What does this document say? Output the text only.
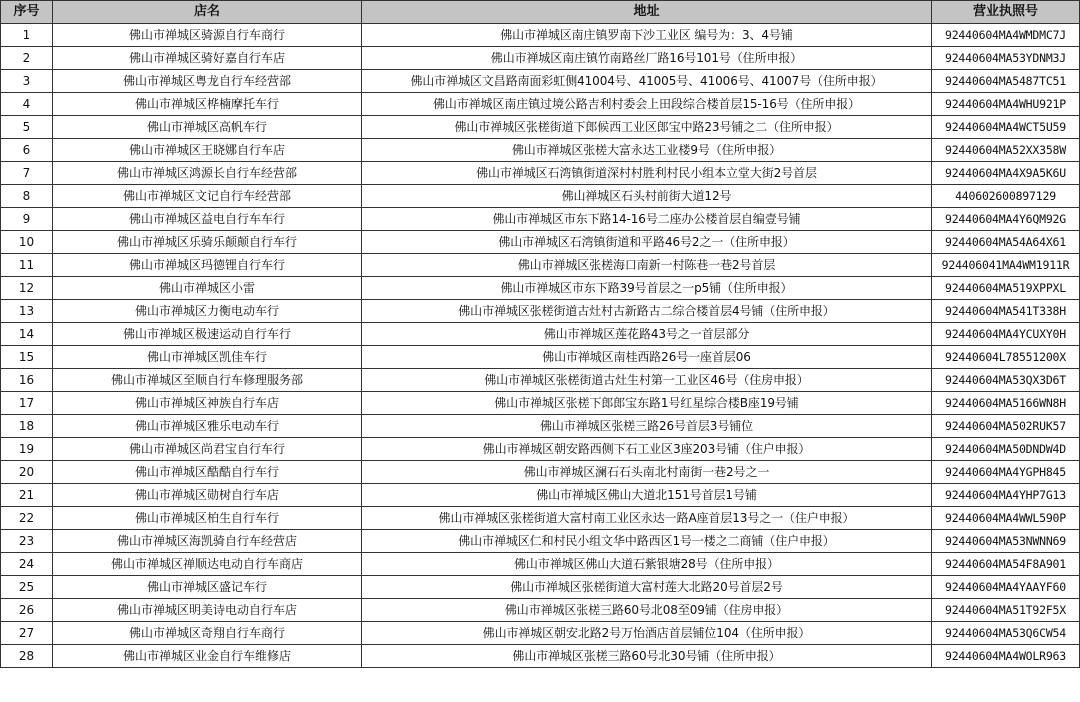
序号	店名	地址	营业执照号
1	佛山市禅城区骑源自行车商行	佛山市禅城区南庄镇罗南下沙工业区 编号为：3、4号铺	92440604MA4WMDMC7J
2	佛山市禅城区骑好嘉自行车店	佛山市禅城区南庄镇竹南路丝厂路16号101号（住所申报）	92440604MA53YDNM3J
3	佛山市禅城区粤龙自行车经营部	佛山市禅城区文昌路南面彩虹侧41004号、41005号、41006号、41007号（住所申报）	92440604MA5487TC51
4	佛山市禅城区桦楠摩托车行	佛山市禅城区南庄镇过境公路吉利村委会上田段综合楼首层15-16号（住所申报）	92440604MA4WHU921P
5	佛山市禅城区高帆车行	佛山市禅城区张槎街道下郎候西工业区郎宝中路23号铺之二（住所申报）	92440604MA4WCT5U59
6	佛山市禅城区王晓娜自行车店	佛山市禅城区张槎大富永达工业楼9号（住所申报）	92440604MA52XX358W
7	佛山市禅城区鸿源长自行车经营部	佛山市禅城区石湾镇街道深村村胜利村民小组本立堂大街2号首层	92440604MA4X9A5K6U
8	佛山市禅城区文记自行车经营部	佛山禅城区石头村前街大道12号	440602600897129
9	佛山市禅城区益电自行车车行	佛山市禅城区市东下路14-16号二座办公楼首层自编壹号铺	92440604MA4Y6QM92G
10	佛山市禅城区乐骑乐颠颠自行车行	佛山市禅城区石湾镇街道和平路46号2之一（住所申报）	92440604MA54A64X61
11	佛山市禅城区玛德锂自行车行	佛山市禅城区张槎海口南新一村陈巷一巷2号首层	924406041MA4WM1911R
12	佛山市禅城区小雷	佛山市禅城区市东下路39号首层之一p5铺（住所申报）	92440604MA519XPPXL
13	佛山市禅城区力衡电动车行	佛山市禅城区张槎街道古灶村古新路古二综合楼首层4号铺（住所申报）	92440604MA541T338H
14	佛山市禅城区极速运动自行车行	佛山市禅城区莲花路43号之一首层部分	92440604MA4YCUXY0H
15	佛山市禅城区凯佳车行	佛山市禅城区南桂西路26号一座首层06	92440604L78551200X
16	佛山市禅城区至顺自行车修理服务部	佛山市禅城区张槎街道古灶生村第一工业区46号（住房申报）	92440604MA53QX3D6T
17	佛山市禅城区神族自行车店	佛山市禅城区张槎下郎郎宝东路1号红星综合楼B座19号铺	92440604MA5166WN8H
18	佛山市禅城区雅乐电动车行	佛山市禅城区张槎三路26号首层3号铺位	92440604MA502RUK57
19	佛山市禅城区尚君宝自行车行	佛山市禅城区朝安路西侧下石工业区3座203号铺（住户申报）	92440604MA50DNDW4D
20	佛山市禅城区酷酷自行车行	佛山市禅城区澜石石头南北村南街一巷2号之一	92440604MA4YGPH845
21	佛山市禅城区勋树自行车店	佛山市禅城区佛山大道北151号首层1号铺	92440604MA4YHP7G13
22	佛山市禅城区柏生自行车行	佛山市禅城区张槎街道大富村南工业区永达一路A座首层13号之一（住户申报）	92440604MA4WWL590P
23	佛山市禅城区海凯骑自行车经营店	佛山市禅城区仁和村民小组文华中路西区1号一楼之二商铺（住户申报）	92440604MA53NWNN69
24	佛山市禅城区禅顺达电动自行车商店	佛山市禅城区佛山大道石紫银塘28号（住所申报）	92440604MA54F8A901
25	佛山市禅城区盛记车行	佛山市禅城区张槎街道大富村莲大北路20号首层2号	92440604MA4YAAYF60
26	佛山市禅城区明美诗电动自行车店	佛山市禅城区张槎三路60号北08至09铺（住房申报）	92440604MA51T92F5X
27	佛山市禅城区奇翔自行车商行	佛山市禅城区朝安北路2号万怡酒店首层铺位104（住所申报）	92440604MA53Q6CW54
28	佛山市禅城区业金自行车维修店	佛山市禅城区张槎三路60号北30号铺（住所申报）	92440604MA4WOLR963
